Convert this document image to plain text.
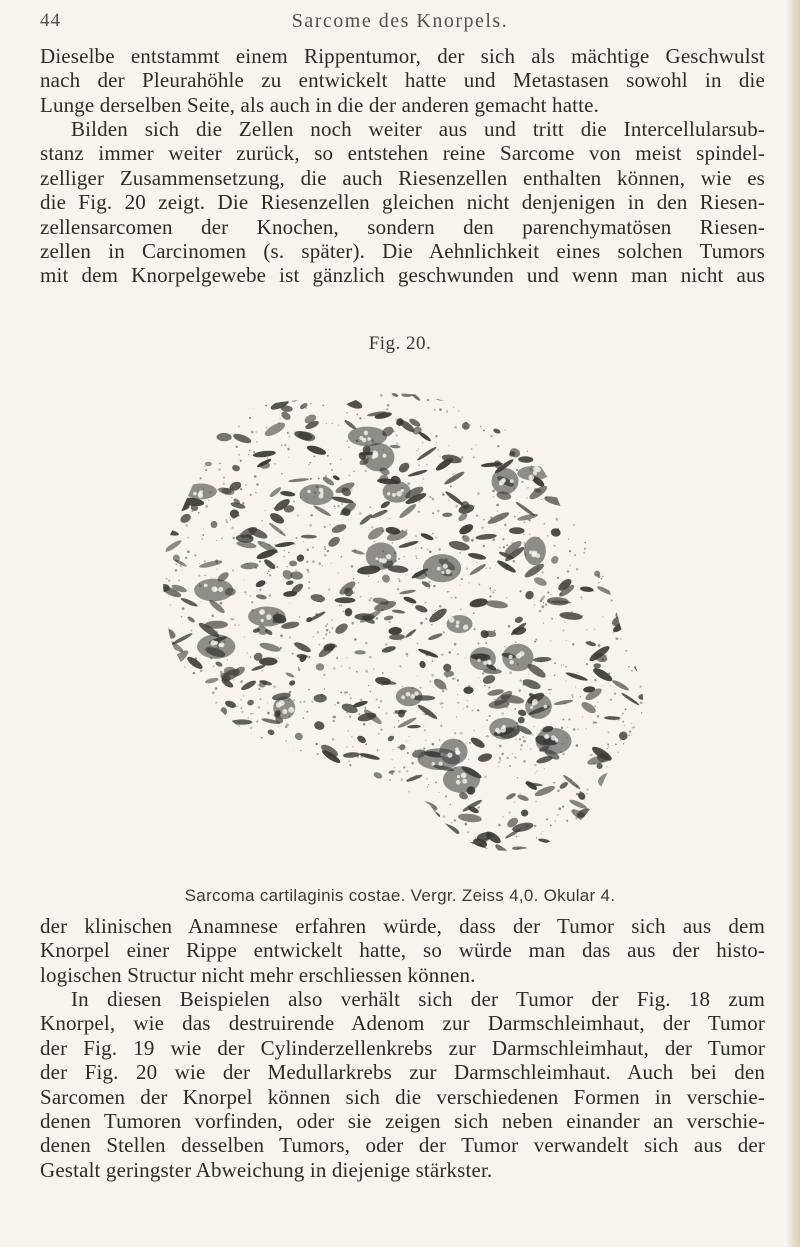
44	Sarcome des Knorpels.

Dieselbe entstammt einem Rippentumor, der sich als mächtige Geschwulst
nach der Pleurahöhle zu entwickelt hatte und Metastasen sowohl in die
Lunge derselben Seite, als auch in die der anderen gemacht hatte.

Bilden sich die Zellen noch weiter aus und tritt die Intercellularsub-
stanz immer weiter zurück, so entstehen reine Sarcome von meist spindel-
zelliger Zusammensetzung, die auch Riesenzellen enthalten können, wie es
die Fig. 20 zeigt. Die Riesenzellen gleichen nicht denjenigen in den Riesen-
zellensarcomen der Knochen, sondern den parenchymatösen Riesen-
zellen in Carcinomen (s. später). Die Aehnlichkeit eines solchen Tumors
mit dem Knorpelgewebe ist gänzlich geschwunden und wenn man nicht aus

Fig. 20.
Sarcoma cartilaginis costae. Vergr. Zeiss 4,0. Okular 4.

der klinischen Anamnese erfahren würde, dass der Tumor sich aus dem
Knorpel einer Rippe entwickelt hatte, so würde man das aus der histo-
logischen Structur nicht mehr erschliessen können.

In diesen Beispielen also verhält sich der Tumor der Fig. 18 zum
Knorpel, wie das destruirende Adenom zur Darmschleimhaut, der Tumor
der Fig. 19 wie der Cylinderzellenkrebs zur Darmschleimhaut, der Tumor
der Fig. 20 wie der Medullarkrebs zur Darmschleimhaut. Auch bei den
Sarcomen der Knorpel können sich die verschiedenen Formen in verschie-
denen Tumoren vorfinden, oder sie zeigen sich neben einander an verschie-
denen Stellen desselben Tumors, oder der Tumor verwandelt sich aus der
Gestalt geringster Abweichung in diejenige stärkster.
